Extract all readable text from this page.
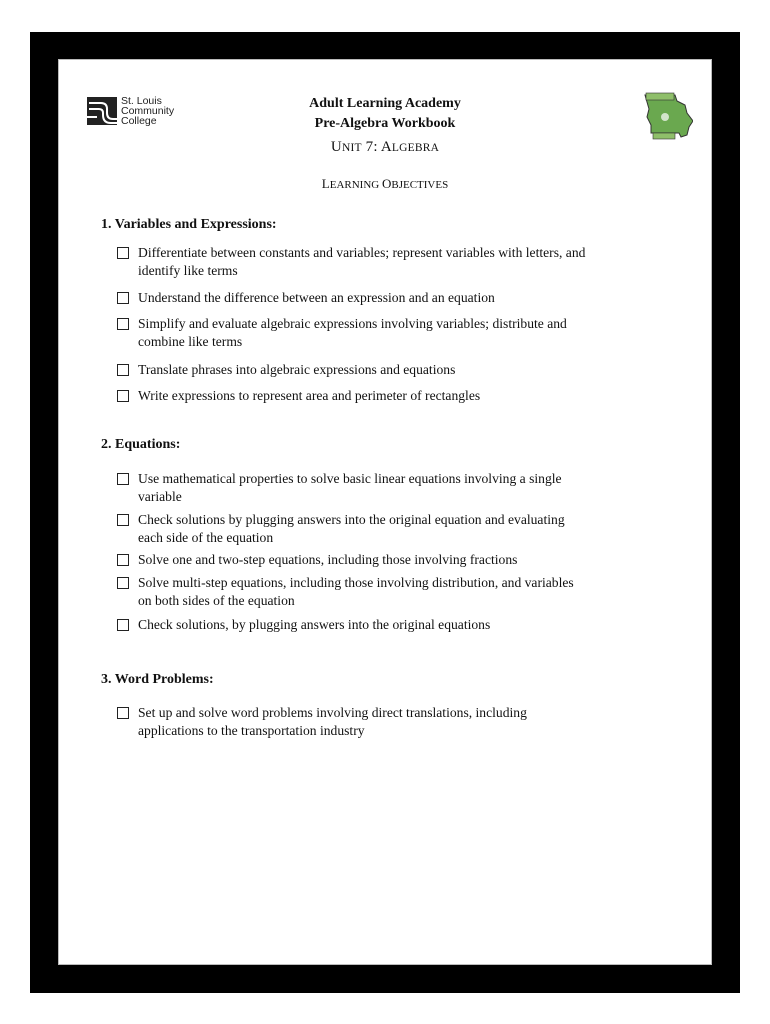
St. Louis
Community
College
Adult Learning Academy
Pre-Algebra Workbook
UNIT 7: ALGEBRA
LEARNING OBJECTIVES
1. Variables and Expressions:
Differentiate between constants and variables; represent variables with letters, and
identify like terms
Understand the difference between an expression and an equation
Simplify and evaluate algebraic expressions involving variables; distribute and
combine like terms
Translate phrases into algebraic expressions and equations
Write expressions to represent area and perimeter of rectangles
2. Equations:
Use mathematical properties to solve basic linear equations involving a single
variable
Check solutions by plugging answers into the original equation and evaluating
each side of the equation
Solve one and two-step equations, including those involving fractions
Solve multi-step equations, including those involving distribution, and variables
on both sides of the equation
Check solutions, by plugging answers into the original equations
3. Word Problems:
Set up and solve word problems involving direct translations, including
applications to the transportation industry
